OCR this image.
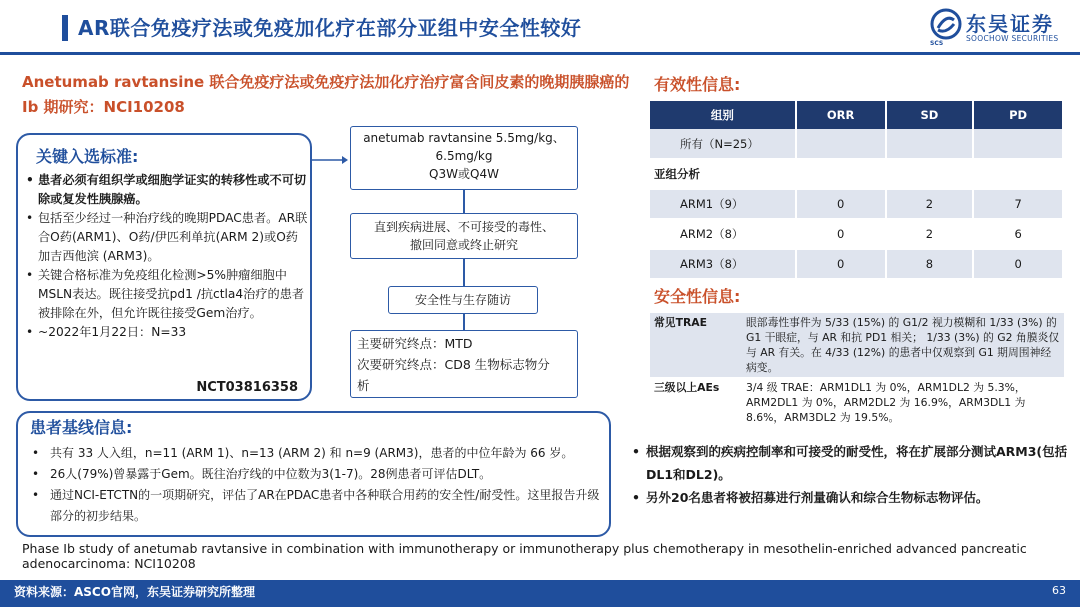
AR联合免疫疗法或免疫加化疗在部分亚组中安全性较好	东吴证券
SCS
SOOCHOW SECURITIES
Anetumab ravtansine 联合免疫疗法或免疫疗法加化疗治疗富含间皮素的晚期胰腺癌的 Ib 期研究：NCI10208
关键入选标准:
• 患者必须有组织学或细胞学证实的转移性或不可切除或复发性胰腺癌。
• 包括至少经过一种治疗线的晚期PDAC患者。AR联合O药(ARM1)、O药/伊匹利单抗(ARM 2)或O药加吉西他滨 (ARM3)。
• 关键合格标准为免疫组化检测>5%肿瘤细胞中MSLN表达。既往接受抗pd1 /抗ctla4治疗的患者被排除在外，但允许既往接受Gem治疗。
• ~2022年1月22日：N=33
NCT03816358
anetumab ravtansine 5.5mg/kg、
6.5mg/kg
Q3W或Q4W
直到疾病进展、不可接受的毒性、
撤回同意或终止研究
安全性与生存随访
主要研究终点：MTD
次要研究终点：CD8 生物标志物分
析
有效性信息:
组别	ORR	SD	PD
所有（N=25）			
亚组分析			
ARM1（9）	0	2	7
ARM2（8）	0	2	6
ARM3（8）	0	8	0
安全性信息:
常见TRAE	眼部毒性事件为 5/33 (15%) 的 G1/2 视力模糊和 1/33 (3%) 的 G1 干眼症，与 AR 和抗 PD1 相关； 1/33 (3%) 的 G2 角膜炎仅与 AR 有关。在 4/33 (12%) 的患者中仅观察到 G1 期周围神经病变。
三级以上AEs	3/4 级 TRAE：ARM1DL1 为 0%，ARM1DL2 为 5.3%，ARM2DL1 为 0%，ARM2DL2 为 16.9%，ARM3DL1 为 8.6%，ARM3DL2 为 19.5%。
• 根据观察到的疾病控制率和可接受的耐受性，将在扩展部分测试ARM3(包括DL1和DL2)。
• 另外20名患者将被招募进行剂量确认和综合生物标志物评估。
患者基线信息:
• 共有 33 人入组，n=11 (ARM 1)、n=13 (ARM 2) 和 n=9 (ARM3)，患者的中位年龄为 66 岁。
• 26人(79%)曾暴露于Gem。既往治疗线的中位数为3(1-7)。28例患者可评估DLT。
• 通过NCI-ETCTN的一项期研究，评估了AR在PDAC患者中各种联合用药的安全性/耐受性。这里报告升级部分的初步结果。
Phase Ib study of anetumab ravtansive in combination with immunotherapy or immunotherapy plus chemotherapy in mesothelin-enriched advanced pancreatic adenocarcinoma: NCI10208
资料来源：ASCO官网，东吴证券研究所整理	63
